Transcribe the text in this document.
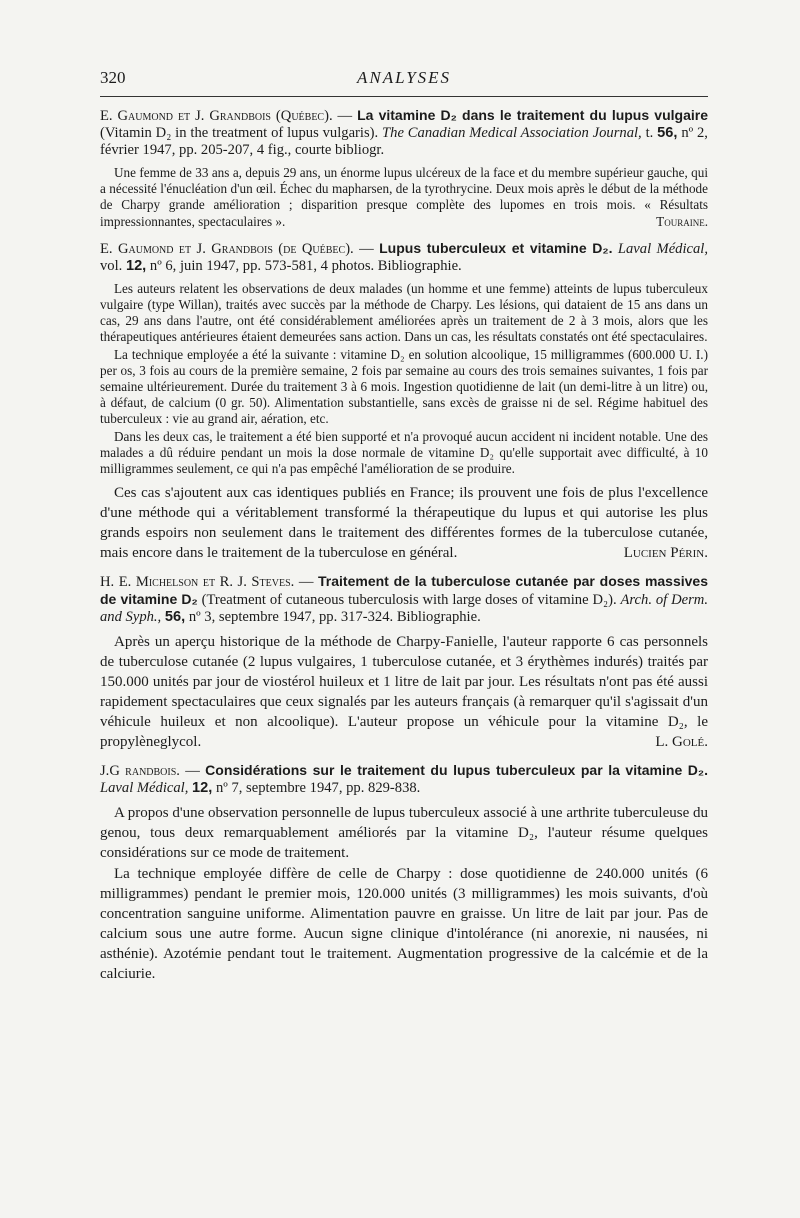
320	ANALYSES
E. Gaumond et J. Grandbois (Québec). — La vitamine D₂ dans le traitement du lupus vulgaire (Vitamin D₂ in the treatment of lupus vulgaris). The Canadian Medical Association Journal, t. 56, nº 2, février 1947, pp. 205-207, 4 fig., courte bibliogr.

Une femme de 33 ans a, depuis 29 ans, un énorme lupus ulcéreux de la face et du membre supérieur gauche, qui a nécessité l'énucléation d'un œil. Échec du mapharsen, de la tyrothrycine. Deux mois après le début de la méthode de Charpy grande amélioration ; disparition presque complète des lupomes en trois mois. « Résultats impressionnantes, spectaculaires ».	Touraine.

E. Gaumond et J. Grandbois (de Québec). — Lupus tuberculeux et vitamine D₂. Laval Médical, vol. 12, nº 6, juin 1947, pp. 573-581, 4 photos. Bibliographie.

Les auteurs relatent les observations de deux malades (un homme et une femme) atteints de lupus tuberculeux vulgaire (type Willan), traités avec succès par la méthode de Charpy. Les lésions, qui dataient de 15 ans dans un cas, 29 ans dans l'autre, ont été considérablement améliorées après un traitement de 2 à 3 mois, alors que les thérapeutiques antérieures étaient demeurées sans action. Dans un cas, les résultats constatés ont été spectaculaires.

La technique employée a été la suivante : vitamine D₂ en solution alcoolique, 15 milligrammes (600.000 U. I.) per os, 3 fois au cours de la première semaine, 2 fois par semaine au cours des trois semaines suivantes, 1 fois par semaine ultérieurement. Durée du traitement 3 à 6 mois. Ingestion quotidienne de lait (un demi-litre à un litre) ou, à défaut, de calcium (0 gr. 50). Alimentation substantielle, sans excès de graisse ni de sel. Régime habituel des tuberculeux : vie au grand air, aération, etc.

Dans les deux cas, le traitement a été bien supporté et n'a provoqué aucun accident ni incident notable. Une des malades a dû réduire pendant un mois la dose normale de vitamine D₂ qu'elle supportait avec difficulté, à 10 milligrammes seulement, ce qui n'a pas empêché l'amélioration de se produire.

Ces cas s'ajoutent aux cas identiques publiés en France; ils prouvent une fois de plus l'excellence d'une méthode qui a véritablement transformé la thérapeutique du lupus et qui autorise les plus grands espoirs non seulement dans le traitement des différentes formes de la tuberculose cutanée, mais encore dans le traitement de la tuberculose en général.	Lucien Périn.

H. E. Michelson et R. J. Steves. — Traitement de la tuberculose cutanée par doses massives de vitamine D₂ (Treatment of cutaneous tuberculosis with large doses of vitamine D₂). Arch. of Derm. and Syph., 56, nº 3, septembre 1947, pp. 317-324. Bibliographie.

Après un aperçu historique de la méthode de Charpy-Fanielle, l'auteur rapporte 6 cas personnels de tuberculose cutanée (2 lupus vulgaires, 1 tuberculose cutanée, et 3 érythèmes indurés) traités par 150.000 unités par jour de viostérol huileux et 1 litre de lait par jour. Les résultats n'ont pas été aussi rapidement spectaculaires que ceux signalés par les auteurs français (à remarquer qu'il s'agissait d'un véhicule huileux et non alcoolique). L'auteur propose un véhicule pour la vitamine D₂, le propylèneglycol.	L. Golé.

J.G randbois. — Considérations sur le traitement du lupus tuberculeux par la vitamine D₂. Laval Médical, 12, nº 7, septembre 1947, pp. 829-838.

A propos d'une observation personnelle de lupus tuberculeux associé à une arthrite tuberculeuse du genou, tous deux remarquablement améliorés par la vitamine D₂, l'auteur résume quelques considérations sur ce mode de traitement.

La technique employée diffère de celle de Charpy : dose quotidienne de 240.000 unités (6 milligrammes) pendant le premier mois, 120.000 unités (3 milligrammes) les mois suivants, d'où concentration sanguine uniforme. Alimentation pauvre en graisse. Un litre de lait par jour. Pas de calcium sous une autre forme. Aucun signe clinique d'intolérance (ni anorexie, ni nausées, ni asthénie). Azotémie pendant tout le traitement. Augmentation progressive de la calcémie et de la calciurie.
